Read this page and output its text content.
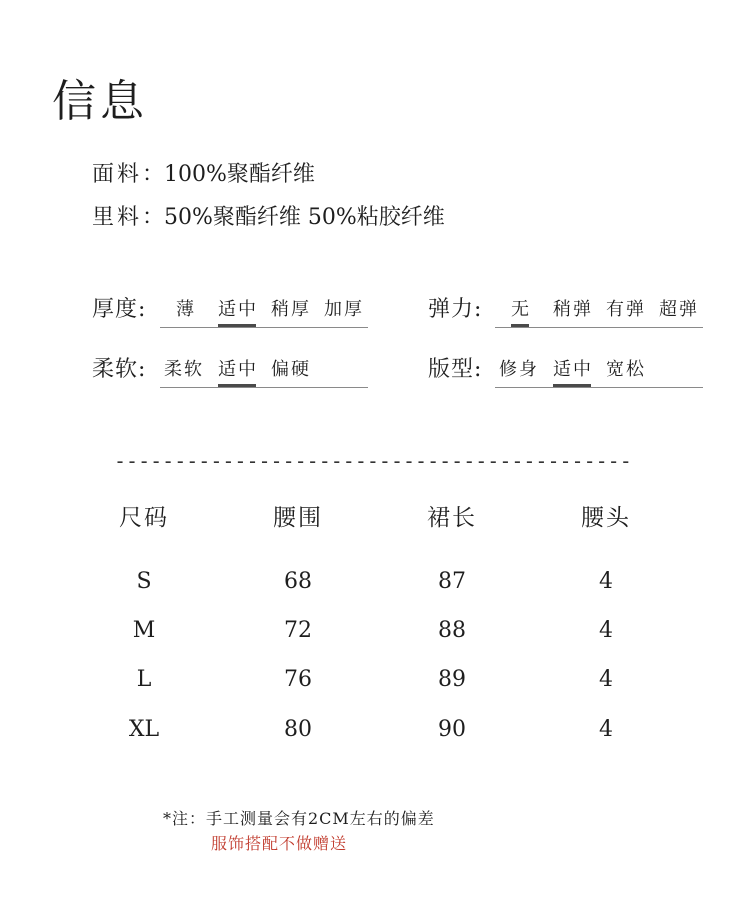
信息
面料：100%聚酯纤维
里料：50%聚酯纤维 50%粘胶纤维
厚度: 薄 适中 稍厚 加厚	弹力: 无 稍弹 有弹 超弹
柔软: 柔软 适中 偏硬	版型: 修身 适中 宽松
-------------------------------------------
尺码	腰围	裙长	腰头
S	68	87	4
M	72	88	4
L	76	89	4
XL	80	90	4
*注：手工测量会有2CM左右的偏差
服饰搭配不做赠送
